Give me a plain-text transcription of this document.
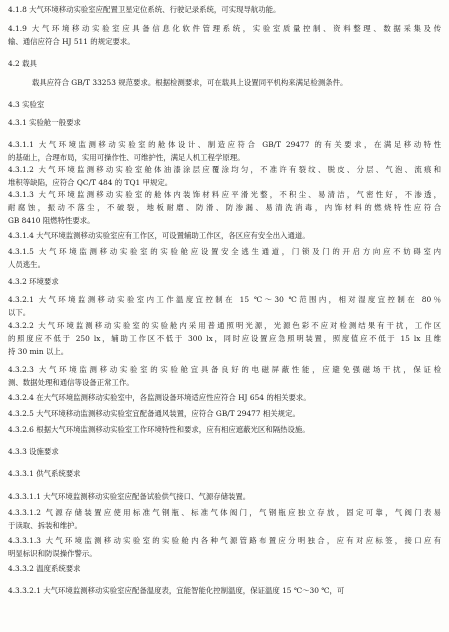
4.1.8 大气环境移动实验室应配置卫星定位系统、行驶记录系统，可实现导航功能。
4.1.9 大气环境移动实验室应具备信息化软件管理系统，实验室质量控制、资料整理、数据采集及传
输、通信应符合 HJ 511 的规定要求。
4.2 载具
载具应符合 GB/T 33253 规范要求。根据检测要求，可在载具上设置同平机构来满足检测条件。
4.3 实验室
4.3.1 实验舱一般要求
4.3.1.1 大气环境监测移动实验室的舱体设计、制造应符合 GB/T 29477 的有关要求，在满足移动特性
的基础上，合理布局，实用可操作性、可维护性，满足人机工程学原理。
4.3.1.2 大气环境监测移动实验室舱体油漆涂层应覆涂均匀，不准许有裂纹、脱皮、分层、气泡、流痕和
堆积等缺陷，应符合 QC/T 484 的 TQ1 甲规定。
4.3.1.3 大气环境监测移动实验室的舱体内装饰材料应平滑光整，不积尘、易清洁，气密性好，不渗透，
耐腐蚀，振动不落尘，不破裂，地板耐磨、防滑、防渗漏、易清洗消毒，内饰材料的燃烧特性应符合
GB 8410 阻燃特性要求。
4.3.1.4 大气环境监测移动实验室应有工作区，可设置辅助工作区，各区应有安全出入通道。
4.3.1.5 大气环境监测移动实验室的实验舱应设置安全逃生通道，门锁及门的开启方向应不妨碍室内
人员逃生。
4.3.2 环境要求
4.3.2.1 大气环境监测移动实验室内工作温度宜控制在 15 ℃～30 ℃范围内，相对湿度宜控制在 80％
以下。
4.3.2.2 大气环境监测移动实验室的实验舱内采用普通照明光源，光源色彩不应对检测结果有干扰，工作区
的照度应不低于 250 lx，辅助工作区不低于 300 lx，同时应设置应急照明装置，照度值应不低于 15 lx 且维
持 30 min 以上。
4.3.2.3 大气环境监测移动实验室的实验舱宜具备良好的电磁屏蔽性能，应避免强磁场干扰，保证检
测、数据处理和通信等设备正常工作。
4.3.2.4 在大气环境监测移动实验室中，各监测设备环境适应性应符合 HJ 654 的相关要求。
4.3.2.5 大气环境移动监测移动实验室宜配备通风装置，应符合 GB/T 29477 相关规定。
4.3.2.6 根据大气环境监测移动实验室工作环境特性和要求，应有相应遮蔽光区和隔热设施。
4.3.3 设施要求
4.3.3.1 供气系统要求
4.3.3.1.1 大气环境监测移动实验室应配备试验供气接口、气源存储装置。
4.3.3.1.2 气源存储装置应使用标准气钢瓶、标准气体阀门，气钢瓶应独立存放，固定可靠，气阀门表易
于读取、拆装和维护。
4.3.3.1.3 大气环境监测移动实验室的实验舱内各种气源管路布置应分明独合，应有对应标签，接口应有
明显标识和防误操作警示。
4.3.3.2 温度系统要求
4.3.3.2.1 大气环境监测移动实验室应配备温度表，宜能智能化控制温度，保证温度 15 ℃～30 ℃，可
